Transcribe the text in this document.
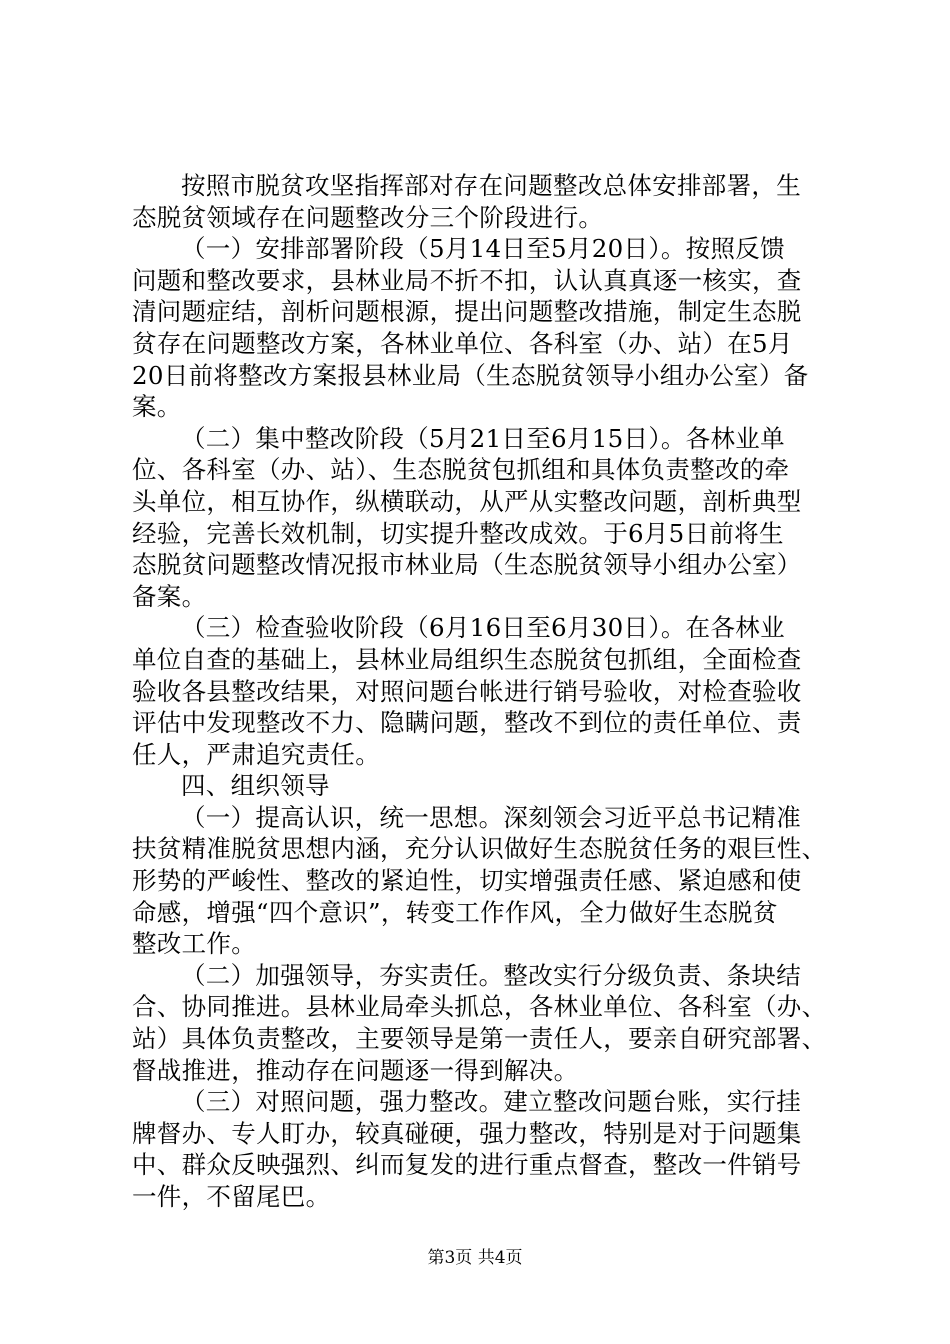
按照市脱贫攻坚指挥部对存在问题整改总体安排部署，生
态脱贫领域存在问题整改分三个阶段进行。
（一）安排部署阶段（5月14日至5月20日）。按照反馈
问题和整改要求，县林业局不折不扣，认认真真逐一核实，查
清问题症结，剖析问题根源，提出问题整改措施，制定生态脱
贫存在问题整改方案，各林业单位、各科室（办、站）在5月
20日前将整改方案报县林业局（生态脱贫领导小组办公室）备
案。
（二）集中整改阶段（5月21日至6月15日）。各林业单
位、各科室（办、站）、生态脱贫包抓组和具体负责整改的牵
头单位，相互协作，纵横联动，从严从实整改问题，剖析典型
经验，完善长效机制，切实提升整改成效。于6月5日前将生
态脱贫问题整改情况报市林业局（生态脱贫领导小组办公室）
备案。
（三）检查验收阶段（6月16日至6月30日）。在各林业
单位自查的基础上，县林业局组织生态脱贫包抓组，全面检查
验收各县整改结果，对照问题台帐进行销号验收，对检查验收
评估中发现整改不力、隐瞒问题，整改不到位的责任单位、责
任人，严肃追究责任。
四、组织领导
（一）提高认识，统一思想。深刻领会习近平总书记精准
扶贫精准脱贫思想内涵，充分认识做好生态脱贫任务的艰巨性、
形势的严峻性、整改的紧迫性，切实增强责任感、紧迫感和使
命感，增强“四个意识”，转变工作作风，全力做好生态脱贫
整改工作。
（二）加强领导，夯实责任。整改实行分级负责、条块结
合、协同推进。县林业局牵头抓总，各林业单位、各科室（办、
站）具体负责整改，主要领导是第一责任人，要亲自研究部署、
督战推进，推动存在问题逐一得到解决。
（三）对照问题，强力整改。建立整改问题台账，实行挂
牌督办、专人盯办，较真碰硬，强力整改，特别是对于问题集
中、群众反映强烈、纠而复发的进行重点督查，整改一件销号
一件，不留尾巴。
第3页 共4页
